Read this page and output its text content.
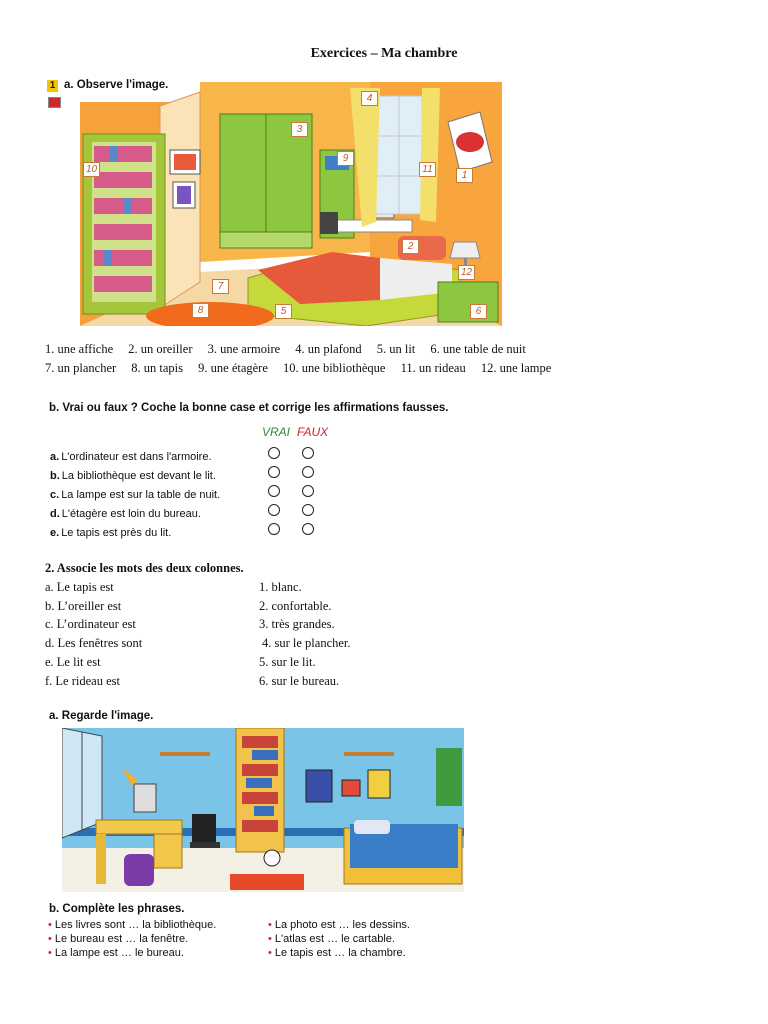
Exercices – Ma chambre
1 a. Observe l'image.
1
2
3
4
5	6
7
8
9
10	11
12
1. une affiche 2. un oreiller 3. une armoire 4. un plafond 5. un lit 6. une table de nuit
7. un plancher 8. un tapis 9. une étagère 10. une bibliothèque 11. un rideau 12. une lampe
b. Vrai ou faux ? Coche la bonne case et corrige les affirmations fausses.
VRAI FAUX
a. L'ordinateur est dans l'armoire.
b. La bibliothèque est devant le lit.
c. La lampe est sur la table de nuit.
d. L'étagère est loin du bureau.
e. Le tapis est près du lit.
2. Associe les mots des deux colonnes.
a. Le tapis est
b. L’oreiller est
c. L’ordinateur est
d. Les fenêtres sont
e. Le lit est
f. Le rideau est
1. blanc.
2. confortable.
3. très grandes.
4. sur le plancher.
5. sur le lit.
6. sur le bureau.
a. Regarde l'image.
b. Complète les phrases.
• Les livres sont … la bibliothèque.
• Le bureau est … la fenêtre.
• La lampe est … le bureau.
• La photo est … les dessins.
• L'atlas est … le cartable.
• Le tapis est … la chambre.
